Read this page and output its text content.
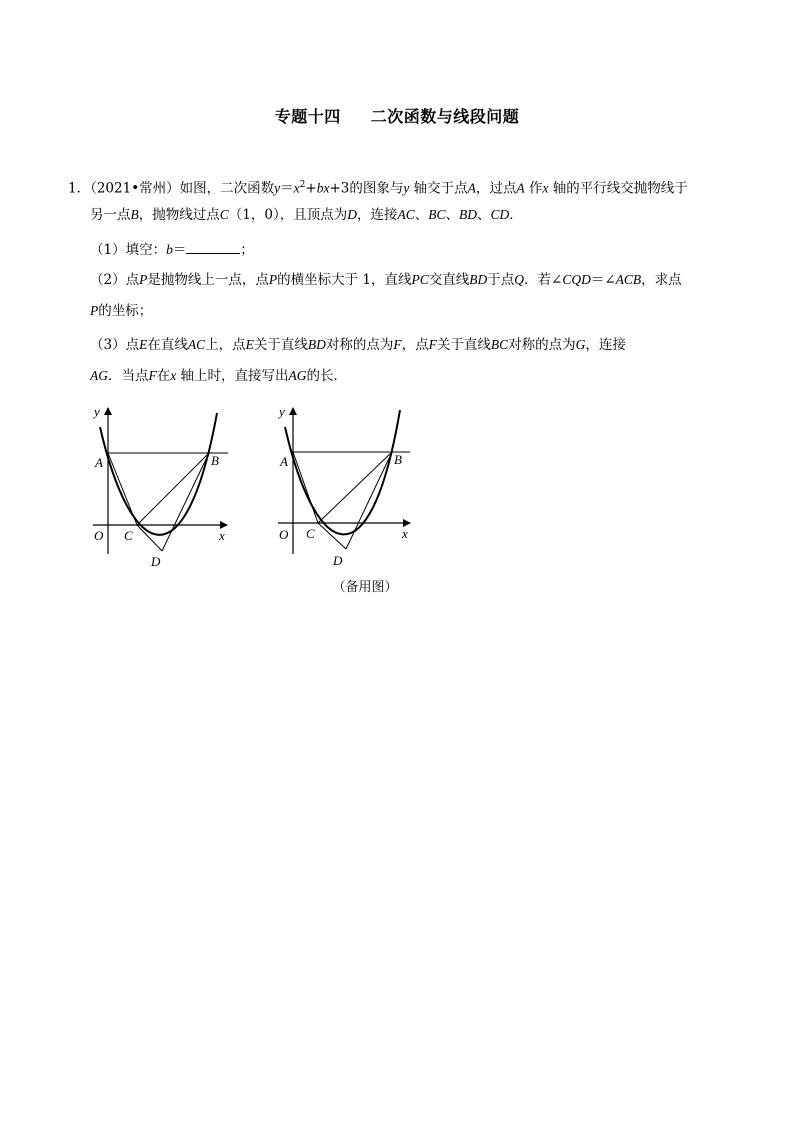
专题十四 二次函数与线段问题
1．（2021•常州）如图，二次函数$y=x^2+bx+3$的图象与y 轴交于点A，过点A 作x 轴的平行线交抛物线于
另一点B，抛物线过点C（1，0），且顶点为D，连接AC、BC、BD、CD．
（1）填空：b＝	；
（2）点P是抛物线上一点，点P的横坐标大于 1，直线PC交直线BD于点Q．若∠CQD＝∠ACB，求点
P的坐标；
（3）点E在直线AC上，点E关于直线BD对称的点为F，点F关于直线BC对称的点为G，连接
AG．当点F在x 轴上时，直接写出AG的长．
y
x
O
A	B
C
D
y
x
O
A	B
C
D
（备用图）
